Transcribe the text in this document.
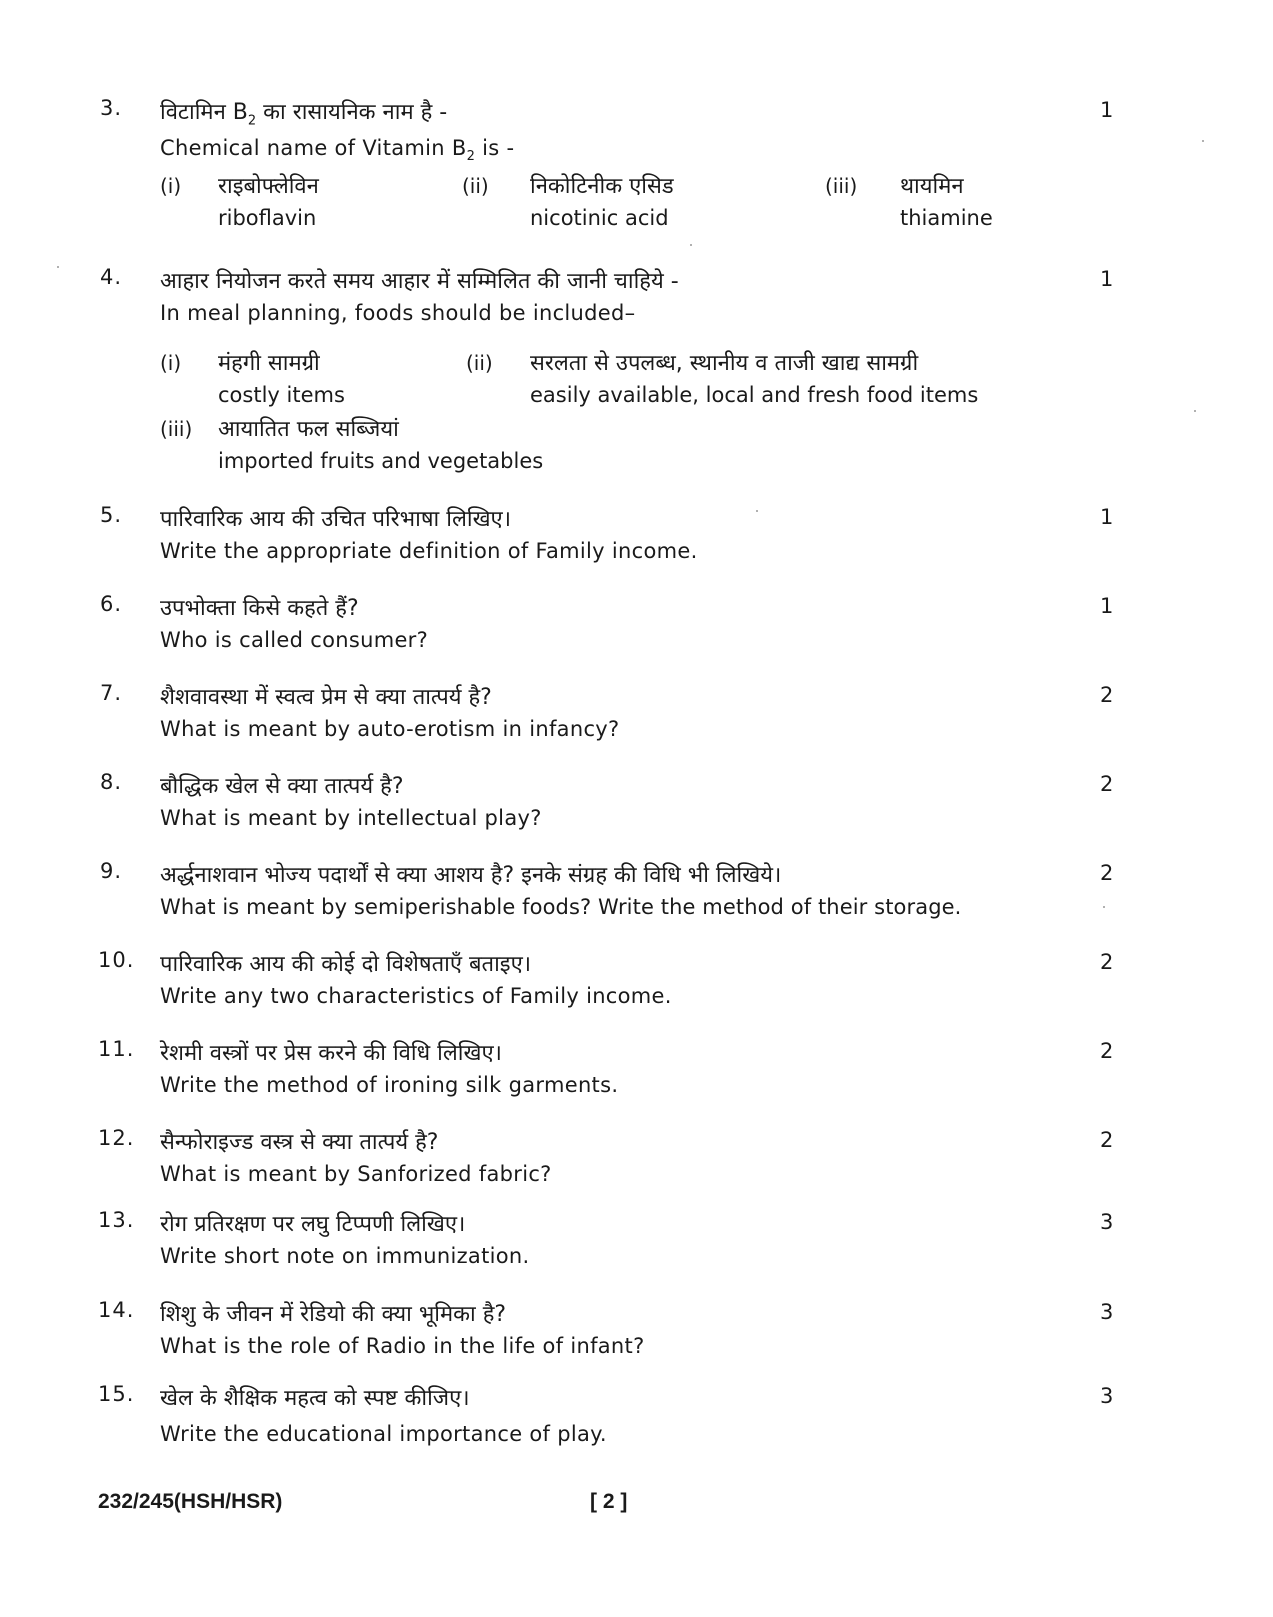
3. विटामिन $B_2$ का रासायनिक नाम है -
Chemical name of Vitamin $B_2$ is -
1
(i) राइबोफ्लेविन
riboflavin
(ii) निकोटिनीक एसिड
nicotinic acid
(iii) थायमिन
thiamine
4. आहार नियोजन करते समय आहार में सम्मिलित की जानी चाहिये -
In meal planning, foods should be included–
1
(i) मंहगी सामग्री
costly items
(ii) सरलता से उपलब्ध, स्थानीय व ताजी खाद्य सामग्री
easily available, local and fresh food items
(iii) आयातित फल सब्जियां
imported fruits and vegetables
5. पारिवारिक आय की उचित परिभाषा लिखिए।
Write the appropriate definition of Family income.
1
6. उपभोक्ता किसे कहते हैं?
Who is called consumer?
1
7. शैशवावस्था में स्वत्व प्रेम से क्या तात्पर्य है?
What is meant by auto-erotism in infancy?
2
8. बौद्धिक खेल से क्या तात्पर्य है?
What is meant by intellectual play?
2
9. अर्द्धनाशवान भोज्य पदार्थों से क्या आशय है? इनके संग्रह की विधि भी लिखिये।
What is meant by semiperishable foods? Write the method of their storage.
2
10. पारिवारिक आय की कोई दो विशेषताएँ बताइए।
Write any two characteristics of Family income.
2
11. रेशमी वस्त्रों पर प्रेस करने की विधि लिखिए।
Write the method of ironing silk garments.
2
12. सैन्फोराइज्ड वस्त्र से क्या तात्पर्य है?
What is meant by Sanforized fabric?
2
13. रोग प्रतिरक्षण पर लघु टिप्पणी लिखिए।
Write short note on immunization.
3
14. शिशु के जीवन में रेडियो की क्या भूमिका है?
What is the role of Radio in the life of infant?
3
15. खेल के शैक्षिक महत्व को स्पष्ट कीजिए।
Write the educational importance of play.
3
232/245(HSH/HSR)	[ 2 ]
